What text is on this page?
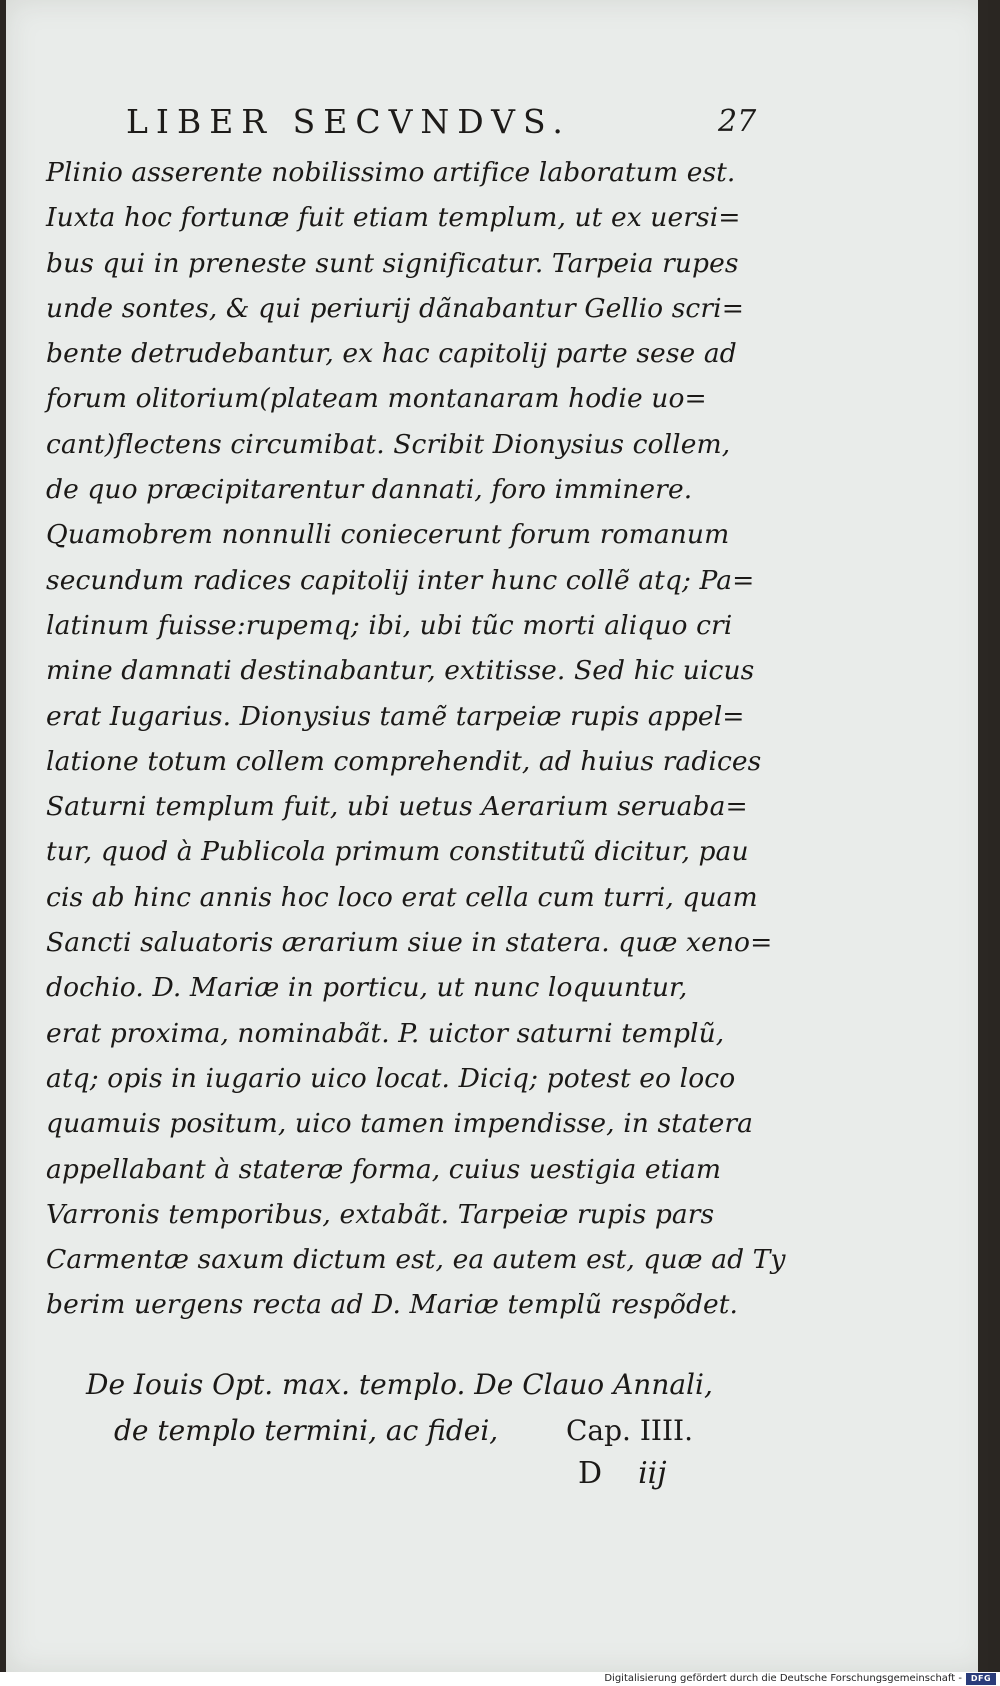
LIBER SECVNDVS.	27
Plinio asserente nobilissimo artifice laboratum est.
Iuxta hoc fortunæ fuit etiam templum, ut ex uersi=
bus qui in preneste sunt significatur. Tarpeia rupes
unde sontes, & qui periurij dãnabantur Gellio scri=
bente detrudebantur, ex hac capitolij parte sese ad
forum olitorium(plateam montanaram hodie uo=
cant)flectens circumibat. Scribit Dionysius collem,
de quo præcipitarentur dannati, foro imminere.
Quamobrem nonnulli coniecerunt forum romanum
secundum radices capitolij inter hunc collẽ atq; Pa=
latinum fuisse:rupemq; ibi, ubi tũc morti aliquo cri
mine damnati destinabantur, extitisse. Sed hic uicus
erat Iugarius. Dionysius tamẽ tarpeiæ rupis appel=
latione totum collem comprehendit, ad huius radices
Saturni templum fuit, ubi uetus Aerarium seruaba=
tur, quod à Publicola primum constitutũ dicitur, pau
cis ab hinc annis hoc loco erat cella cum turri, quam
Sancti saluatoris ærarium siue in statera. quæ xeno=
dochio. D. Mariæ in porticu, ut nunc loquuntur,
erat proxima, nominabãt. P. uictor saturni templũ,
atq; opis in iugario uico locat. Diciq; potest eo loco
quamuis positum, uico tamen impendisse, in statera
appellabant à stateræ forma, cuius uestigia etiam
Varronis temporibus, extabãt. Tarpeiæ rupis pars
Carmentæ saxum dictum est, ea autem est, quæ ad Ty
berim uergens recta ad D. Mariæ templũ respõdet.
De Iouis Opt. max. templo. De Clauo Annali,
de templo termini, ac fidei,	Cap. IIII.
D iij
Digitalisierung gefördert durch die Deutsche Forschungsgemeinschaft -	DFG
